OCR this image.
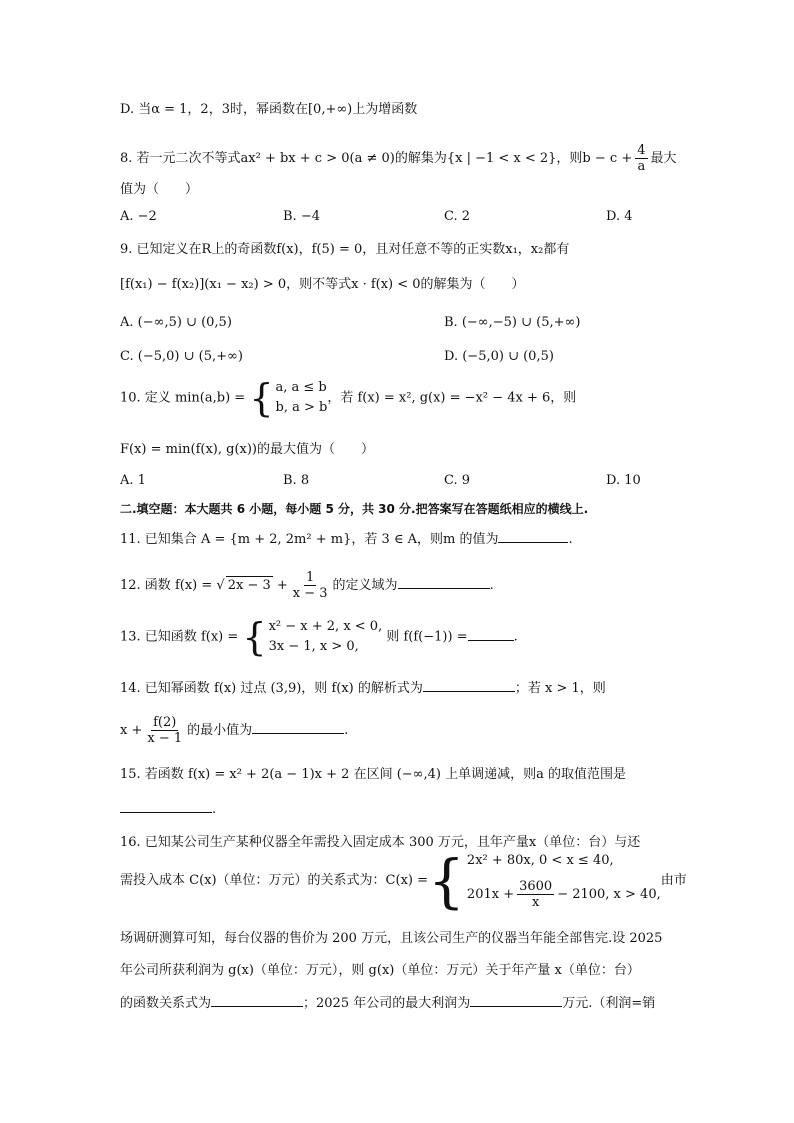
D. 当α = 1，2，3时，幂函数在[0,+∞)上为增函数
8. 若一元二次不等式ax² + bx + c > 0(a ≠ 0)的解集为{x | −1 < x < 2}，则$b - c + \frac{4}{a}$ 最大
值为（　　）
A. −2	B. −4	C. 2	D. 4
9. 已知定义在R上的奇函数f(x)，f(5) = 0，且对任意不等的正实数x₁，x₂都有
[f(x₁) − f(x₂)](x₁ − x₂) > 0，则不等式x · f(x) < 0的解集为（　　）
A. (−∞,5) ∪ (0,5)	B. (−∞,−5) ∪ (5,+∞)
C. (−5,0) ∪ (5,+∞)	D. (−5,0) ∪ (0,5)
10. 定义 min(a,b) = { a, a ≤ b
b, a > b
，若 f(x) = x², g(x) = −x² − 4x + 6，则
F(x) = min(f(x), g(x))的最大值为（　　）
A. 1	B. 8	C. 9	D. 10
二.填空题：本大题共 6 小题，每小题 5 分，共 30 分.把答案写在答题纸相应的横线上.
11. 已知集合 A = {m + 2, 2m² + m}，若 3 ∈ A，则m 的值为	.
12. 函数 f(x) = √ $2x - 3 + \frac{1}{x - 3}$ 的定义域为	.
13. 已知函数 f(x) = { x² − x + 2, x < 0,
3x − 1, x > 0,
则 f(f(−1)) =	.
14. 已知幂函数 f(x) 过点 (3,9)，则 f(x) 的解析式为	；若 x > 1，则
$x + \frac{f(2)}{x - 1}$ 的最小值为	.
15. 若函数 f(x) = x² + 2(a − 1)x + 2 在区间 (−∞,4) 上单调递减，则a 的取值范围是
.
16. 已知某公司生产某种仪器全年需投入固定成本 300 万元，且年产量x（单位：台）与还
需投入成本 C(x)（单位：万元）的关系式为：C(x) = { 2x² + 80x, 0 < x ≤ 40,
$201x + \frac{3600}{x} - 2100$, x > 40,
由市
场调研测算可知，每台仪器的售价为 200 万元，且该公司生产的仪器当年能全部售完.设 2025
年公司所获利润为 g(x)（单位：万元），则 g(x)（单位：万元）关于年产量 x（单位：台）
的函数关系式为	；2025 年公司的最大利润为	万元.（利润=销
